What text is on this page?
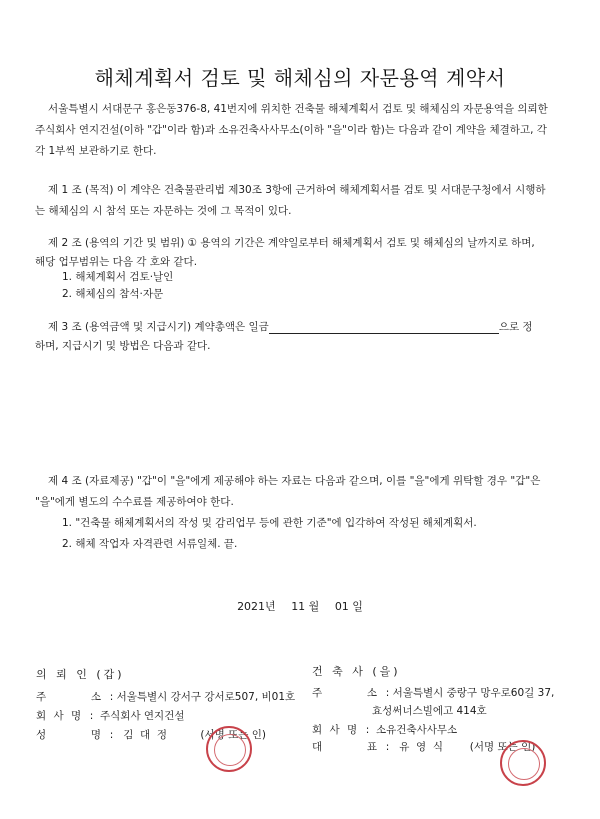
해체계획서 검토 및 해체심의 자문용역 계약서
서울특별시 서대문구 홍은동376-8, 41번지에 위치한 건축물 해체계획서 검토 및 해체심의 자문용역을 의뢰한
주식회사 연지건설(이하 "갑"이라 함)과 소유건축사사무소(이하 "을"이라 함)는 다음과 같이 계약을 체결하고, 각
각 1부씩 보관하기로 한다.
제 1 조 (목적) 이 계약은 건축물관리법 제30조 3항에 근거하여 해체계획서를 검토 및 서대문구청에서 시행하
는 해체심의 시 참석 또는 자문하는 것에 그 목적이 있다.
제 2 조 (용역의 기간 및 범위) ① 용역의 기간은 계약일로부터 해체계획서 검토 및 해체심의 날까지로 하며,
해당 업무범위는 다음 각 호와 같다.
1. 해체계획서 검토·날인
2. 해체심의 참석·자문
제 3 조 (용역금액 및 지급시기) 계약총액은 일금	으로 정
하며, 지급시기 및 방법은 다음과 같다.
제 4 조 (자료제공) "갑"이 "을"에게 제공해야 하는 자료는 다음과 같으며, 이를 "을"에게 위탁할 경우 "갑"은
"을"에게 별도의 수수료를 제공하여야 한다.
1. "건축물 해체계획서의 작성 및 감리업무 등에 관한 기준"에 입각하여 작성된 해체계획서.
2. 해체 작업자 자격관련 서류일체. 끝.
2021년 11 월 01 일
의 뢰 인 (갑)
주        소 : 서울특별시 강서구 강서로507, 비01호
회 사 명 :  주식회사 연지건설
성        명 :   김  대  정	(서명 또는 인)
건 축 사 (을)
주        소 : 서울특별시 중랑구 망우로60길 37,
효성써너스빌에고 414호
회 사 명 :  소유건축사사무소
대        표 :   유  영  식	(서명 또는 인)
